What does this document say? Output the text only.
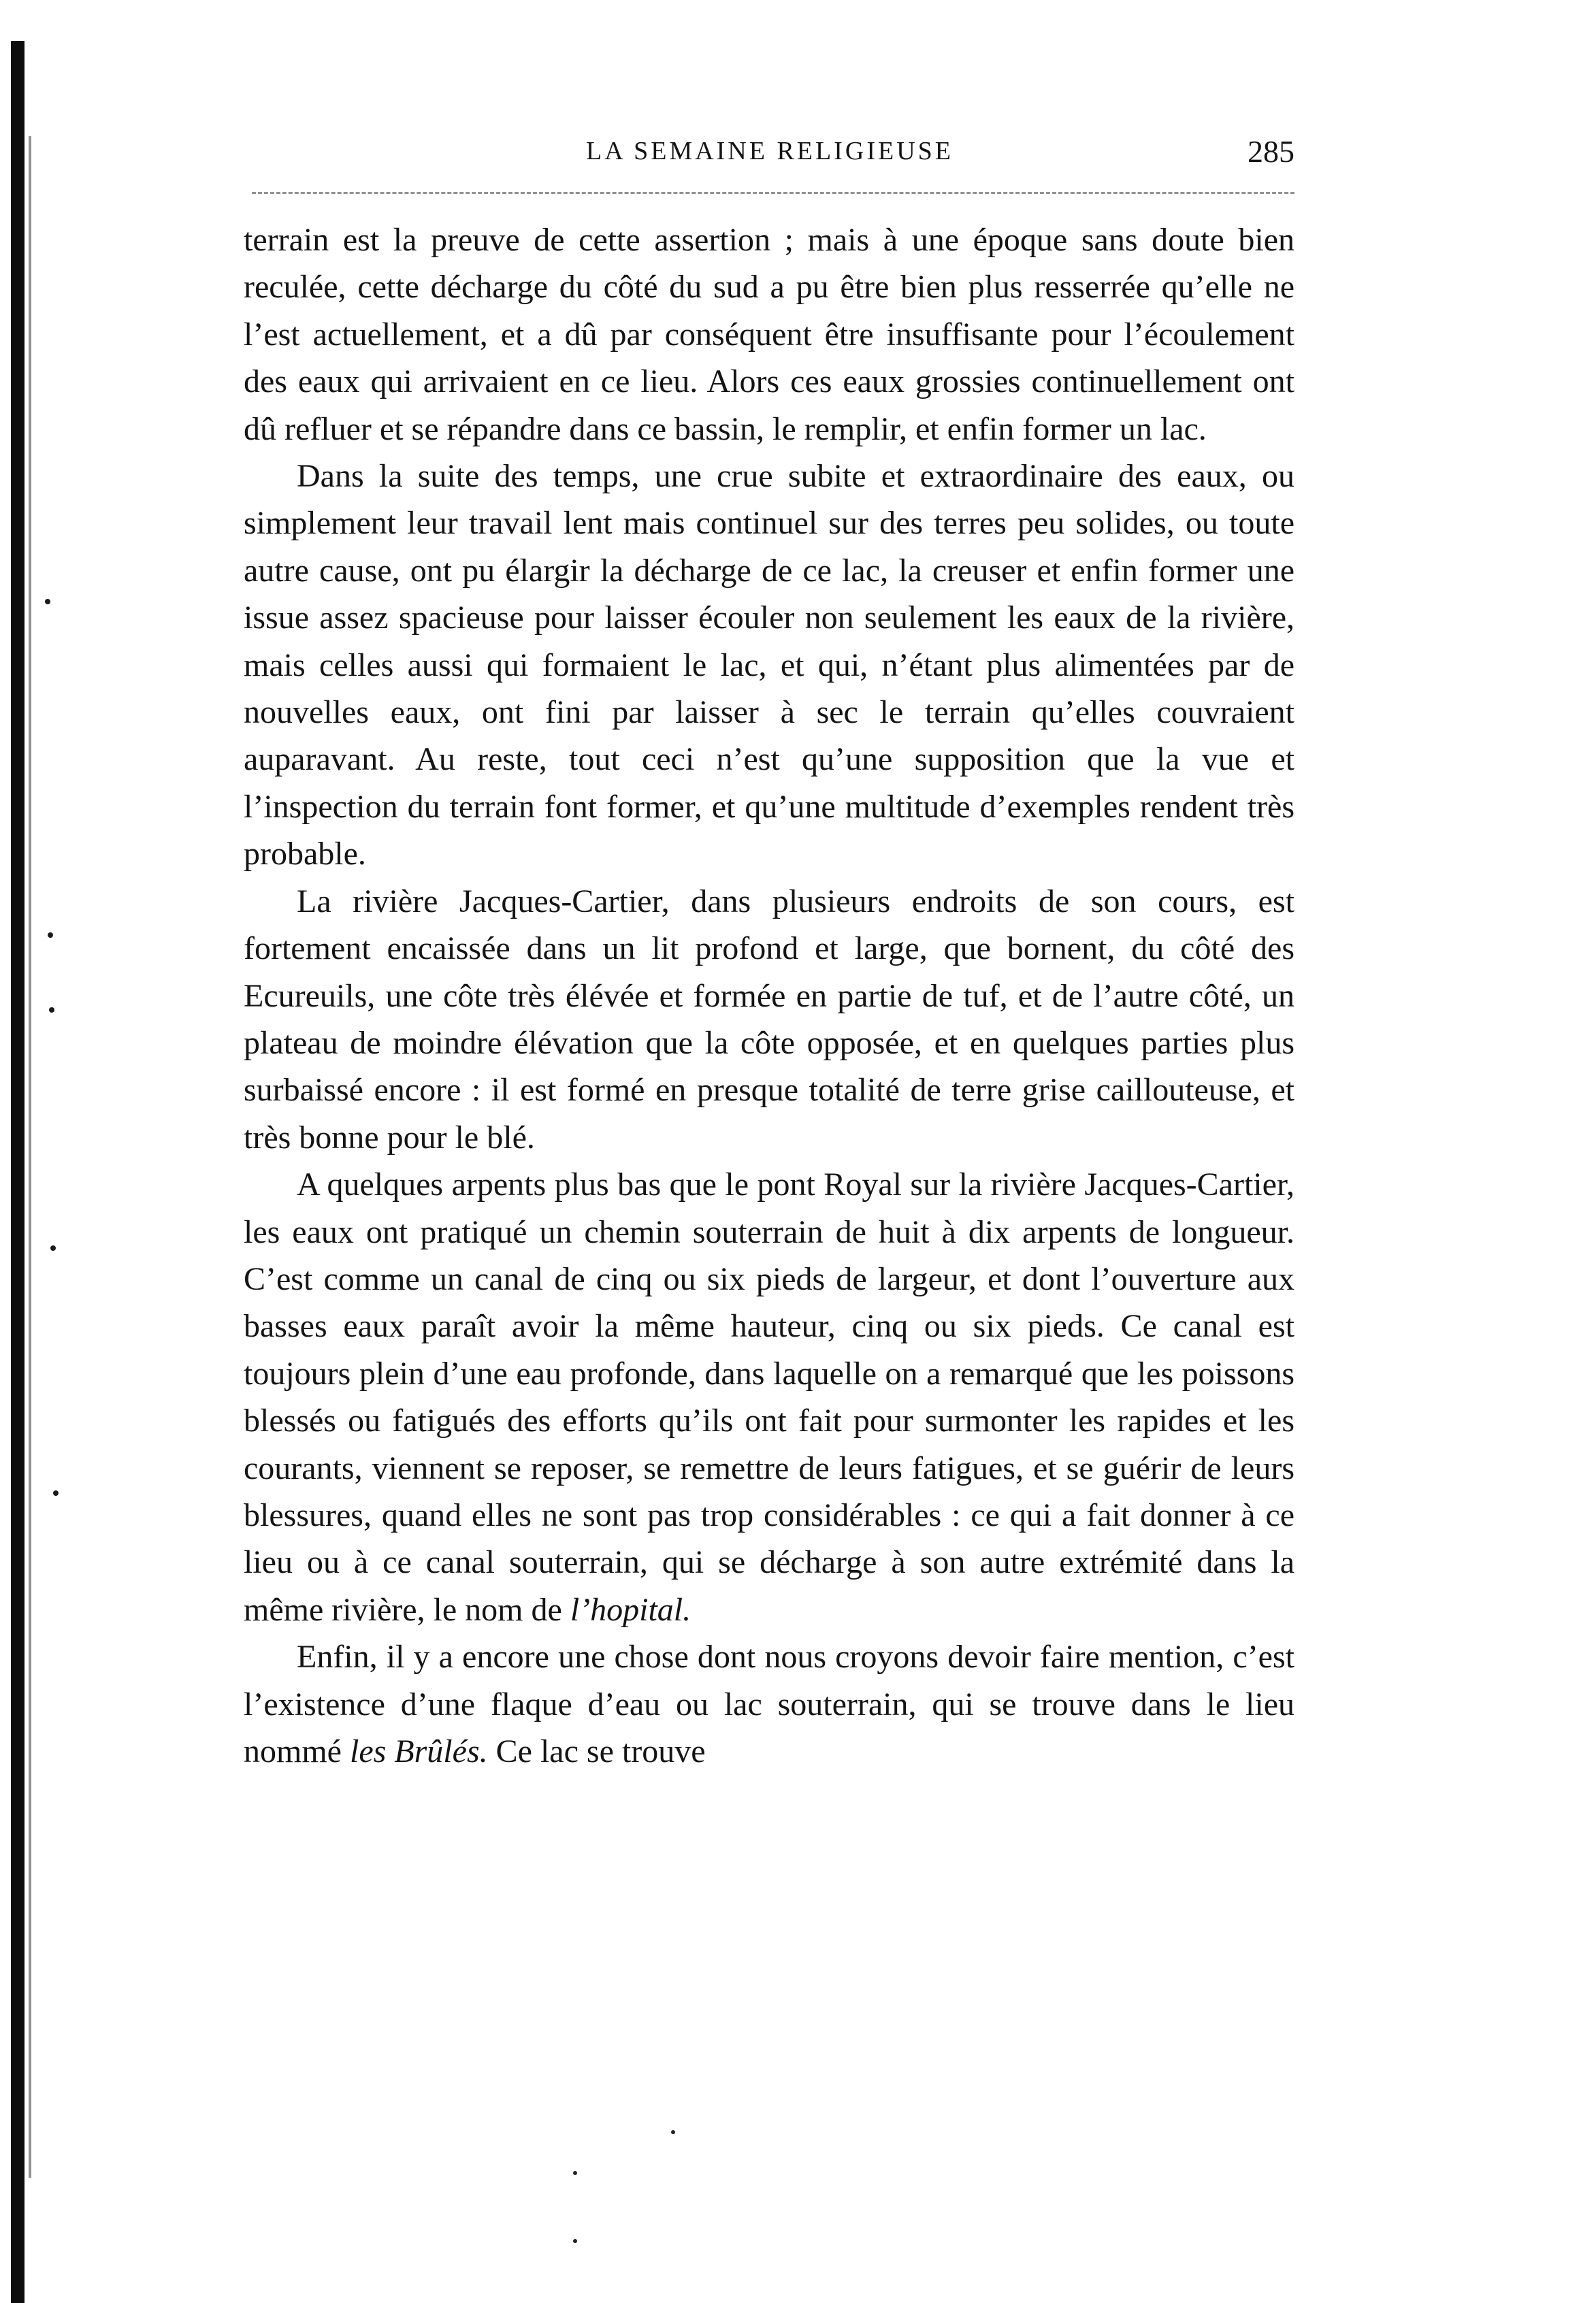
LA SEMAINE RELIGIEUSE	285

terrain est la preuve de cette assertion ; mais à une époque sans doute bien reculée, cette décharge du côté du sud a pu être bien plus resserrée qu’elle ne l’est actuellement, et a dû par conséquent être insuffisante pour l’écoulement des eaux qui arrivaient en ce lieu. Alors ces eaux grossies continuellement ont dû refluer et se répandre dans ce bassin, le remplir, et enfin former un lac.

Dans la suite des temps, une crue subite et extraordinaire des eaux, ou simplement leur travail lent mais continuel sur des terres peu solides, ou toute autre cause, ont pu élargir la décharge de ce lac, la creuser et enfin former une issue assez spacieuse pour laisser écouler non seulement les eaux de la rivière, mais celles aussi qui formaient le lac, et qui, n’étant plus alimentées par de nouvelles eaux, ont fini par laisser à sec le terrain qu’elles couvraient auparavant. Au reste, tout ceci n’est qu’une supposition que la vue et l’inspection du terrain font former, et qu’une multitude d’exemples rendent très probable.

La rivière Jacques-Cartier, dans plusieurs endroits de son cours, est fortement encaissée dans un lit profond et large, que bornent, du côté des Ecureuils, une côte très élévée et formée en partie de tuf, et de l’autre côté, un plateau de moindre élévation que la côte opposée, et en quelques parties plus surbaissé encore : il est formé en presque totalité de terre grise caillouteuse, et très bonne pour le blé.

A quelques arpents plus bas que le pont Royal sur la rivière Jacques-Cartier, les eaux ont pratiqué un chemin souterrain de huit à dix arpents de longueur. C’est comme un canal de cinq ou six pieds de largeur, et dont l’ouverture aux basses eaux paraît avoir la même hauteur, cinq ou six pieds. Ce canal est toujours plein d’une eau profonde, dans laquelle on a remarqué que les poissons blessés ou fatigués des efforts qu’ils ont fait pour surmonter les rapides et les courants, viennent se reposer, se remettre de leurs fatigues, et se guérir de leurs blessures, quand elles ne sont pas trop considérables : ce qui a fait donner à ce lieu ou à ce canal souterrain, qui se décharge à son autre extrémité dans la même rivière, le nom de l’hopital.

Enfin, il y a encore une chose dont nous croyons devoir faire mention, c’est l’existence d’une flaque d’eau ou lac souterrain, qui se trouve dans le lieu nommé les Brûlés. Ce lac se trouve
